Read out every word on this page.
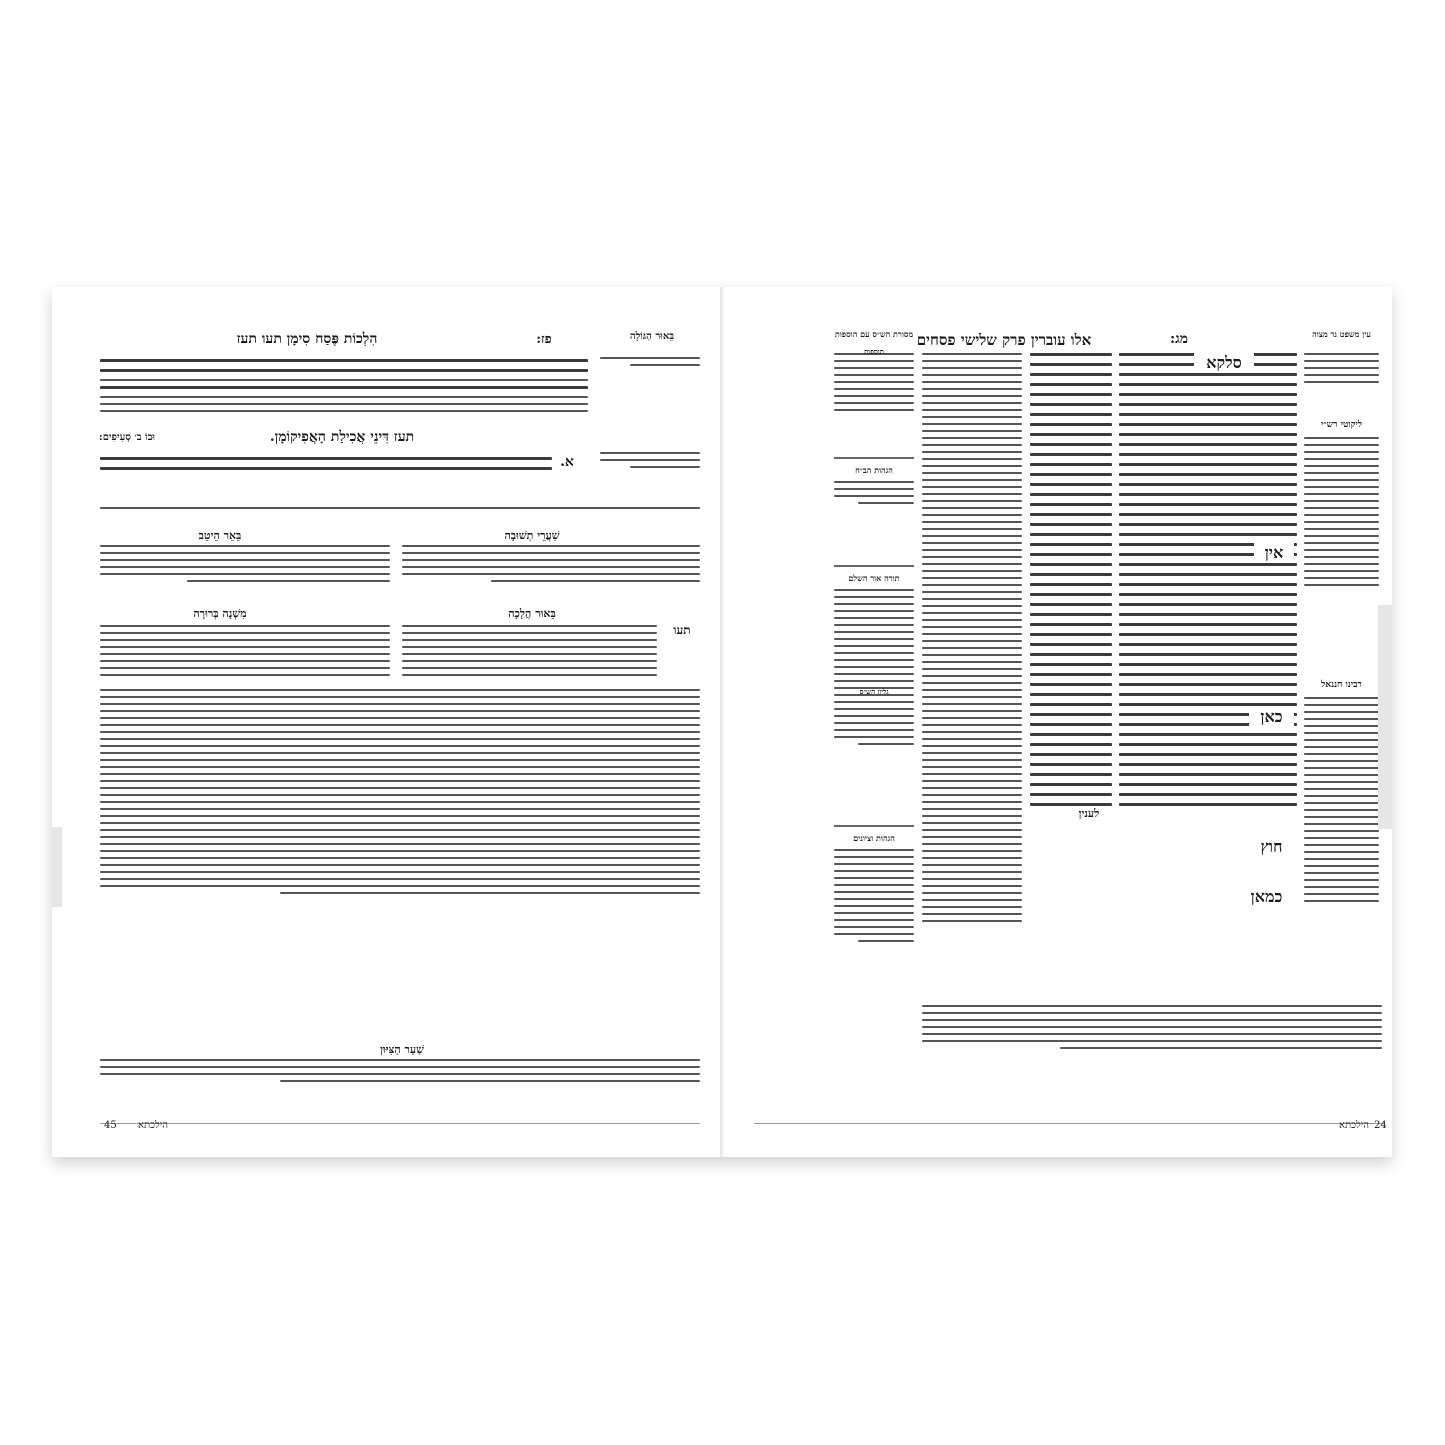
הִלְכוֹת פֶּסַח סִימָן תעו תעז	פז:	בֵּאוּר הַגּוֹלָה
תעז דִּינֵי אֲכִילַת הָאֲפִיקוֹמָן.
וּבוֹ ב׳ סְעִיפִים:
א.
בֵּאֵר הֵיטֵב	שַׁעֲרֵי תְשׁוּבָה
מִשְׁנָה בְּרוּרָה	בֵּאוּר הֲלָכָה
תעו
שַׁעַר הַצִּיּוּן
45 הילכתא
אלו עוברין פרק שלישי פסחים	מג:
מסורת הש״ס עם הוספות	עין משפט נר מצוה
ליקוטי רש״י
רבינו חננאל
תוספות
הגהות הב״ח
תורה אור השלם
הגהות וציונים
גליון הש״ס
סלקא
אין
כאן
חוץ
כמאן
לענין
הילכתא 24
